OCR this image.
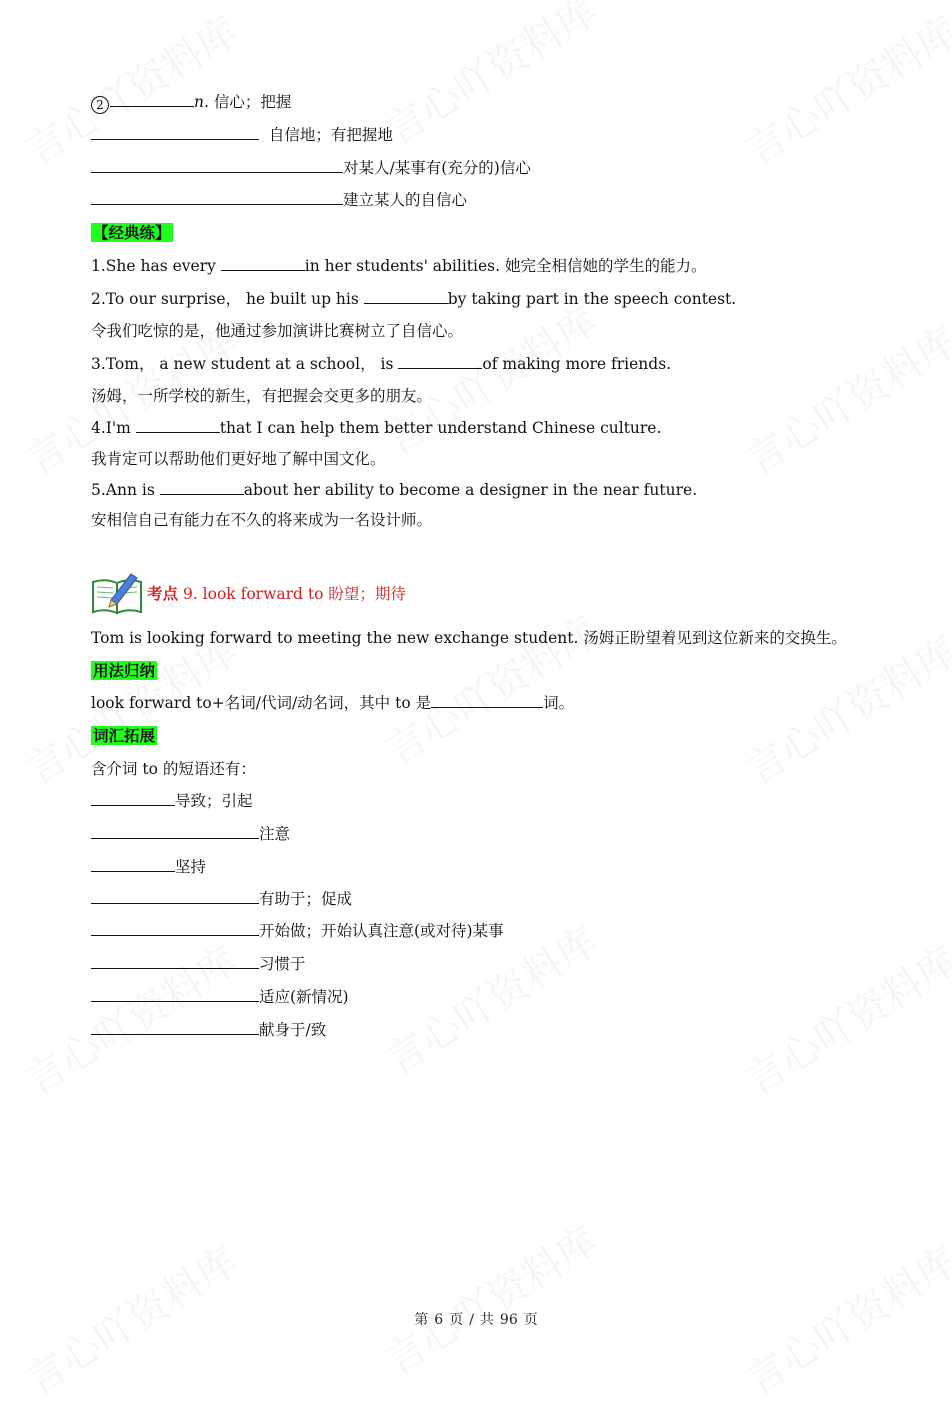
2	n. 信心；把握
自信地；有把握地
对某人/某事有(充分的)信心
建立某人的自信心
【经典练】
1.She has every	in her students' abilities. 她完全相信她的学生的能力。
2.To our surprise， he built up his	by taking part in the speech contest.
令我们吃惊的是，他通过参加演讲比赛树立了自信心。
3.Tom， a new student at a school， is	of making more friends.
汤姆，一所学校的新生，有把握会交更多的朋友。
4.I'm	that I can help them better understand Chinese culture.
我肯定可以帮助他们更好地了解中国文化。
5.Ann is	about her ability to become a designer in the near future.
安相信自己有能力在不久的将来成为一名设计师。
考点 9. look forward to 盼望；期待
Tom is looking forward to meeting the new exchange student. 汤姆正盼望着见到这位新来的交换生。
用法归纳
look forward to+名词/代词/动名词，其中 to 是	词。
词汇拓展
含介词 to 的短语还有：
导致；引起
注意
坚持
有助于；促成
开始做；开始认真注意(或对待)某事
习惯于
适应(新情况)
献身于/致
第 6 页 / 共 96 页
